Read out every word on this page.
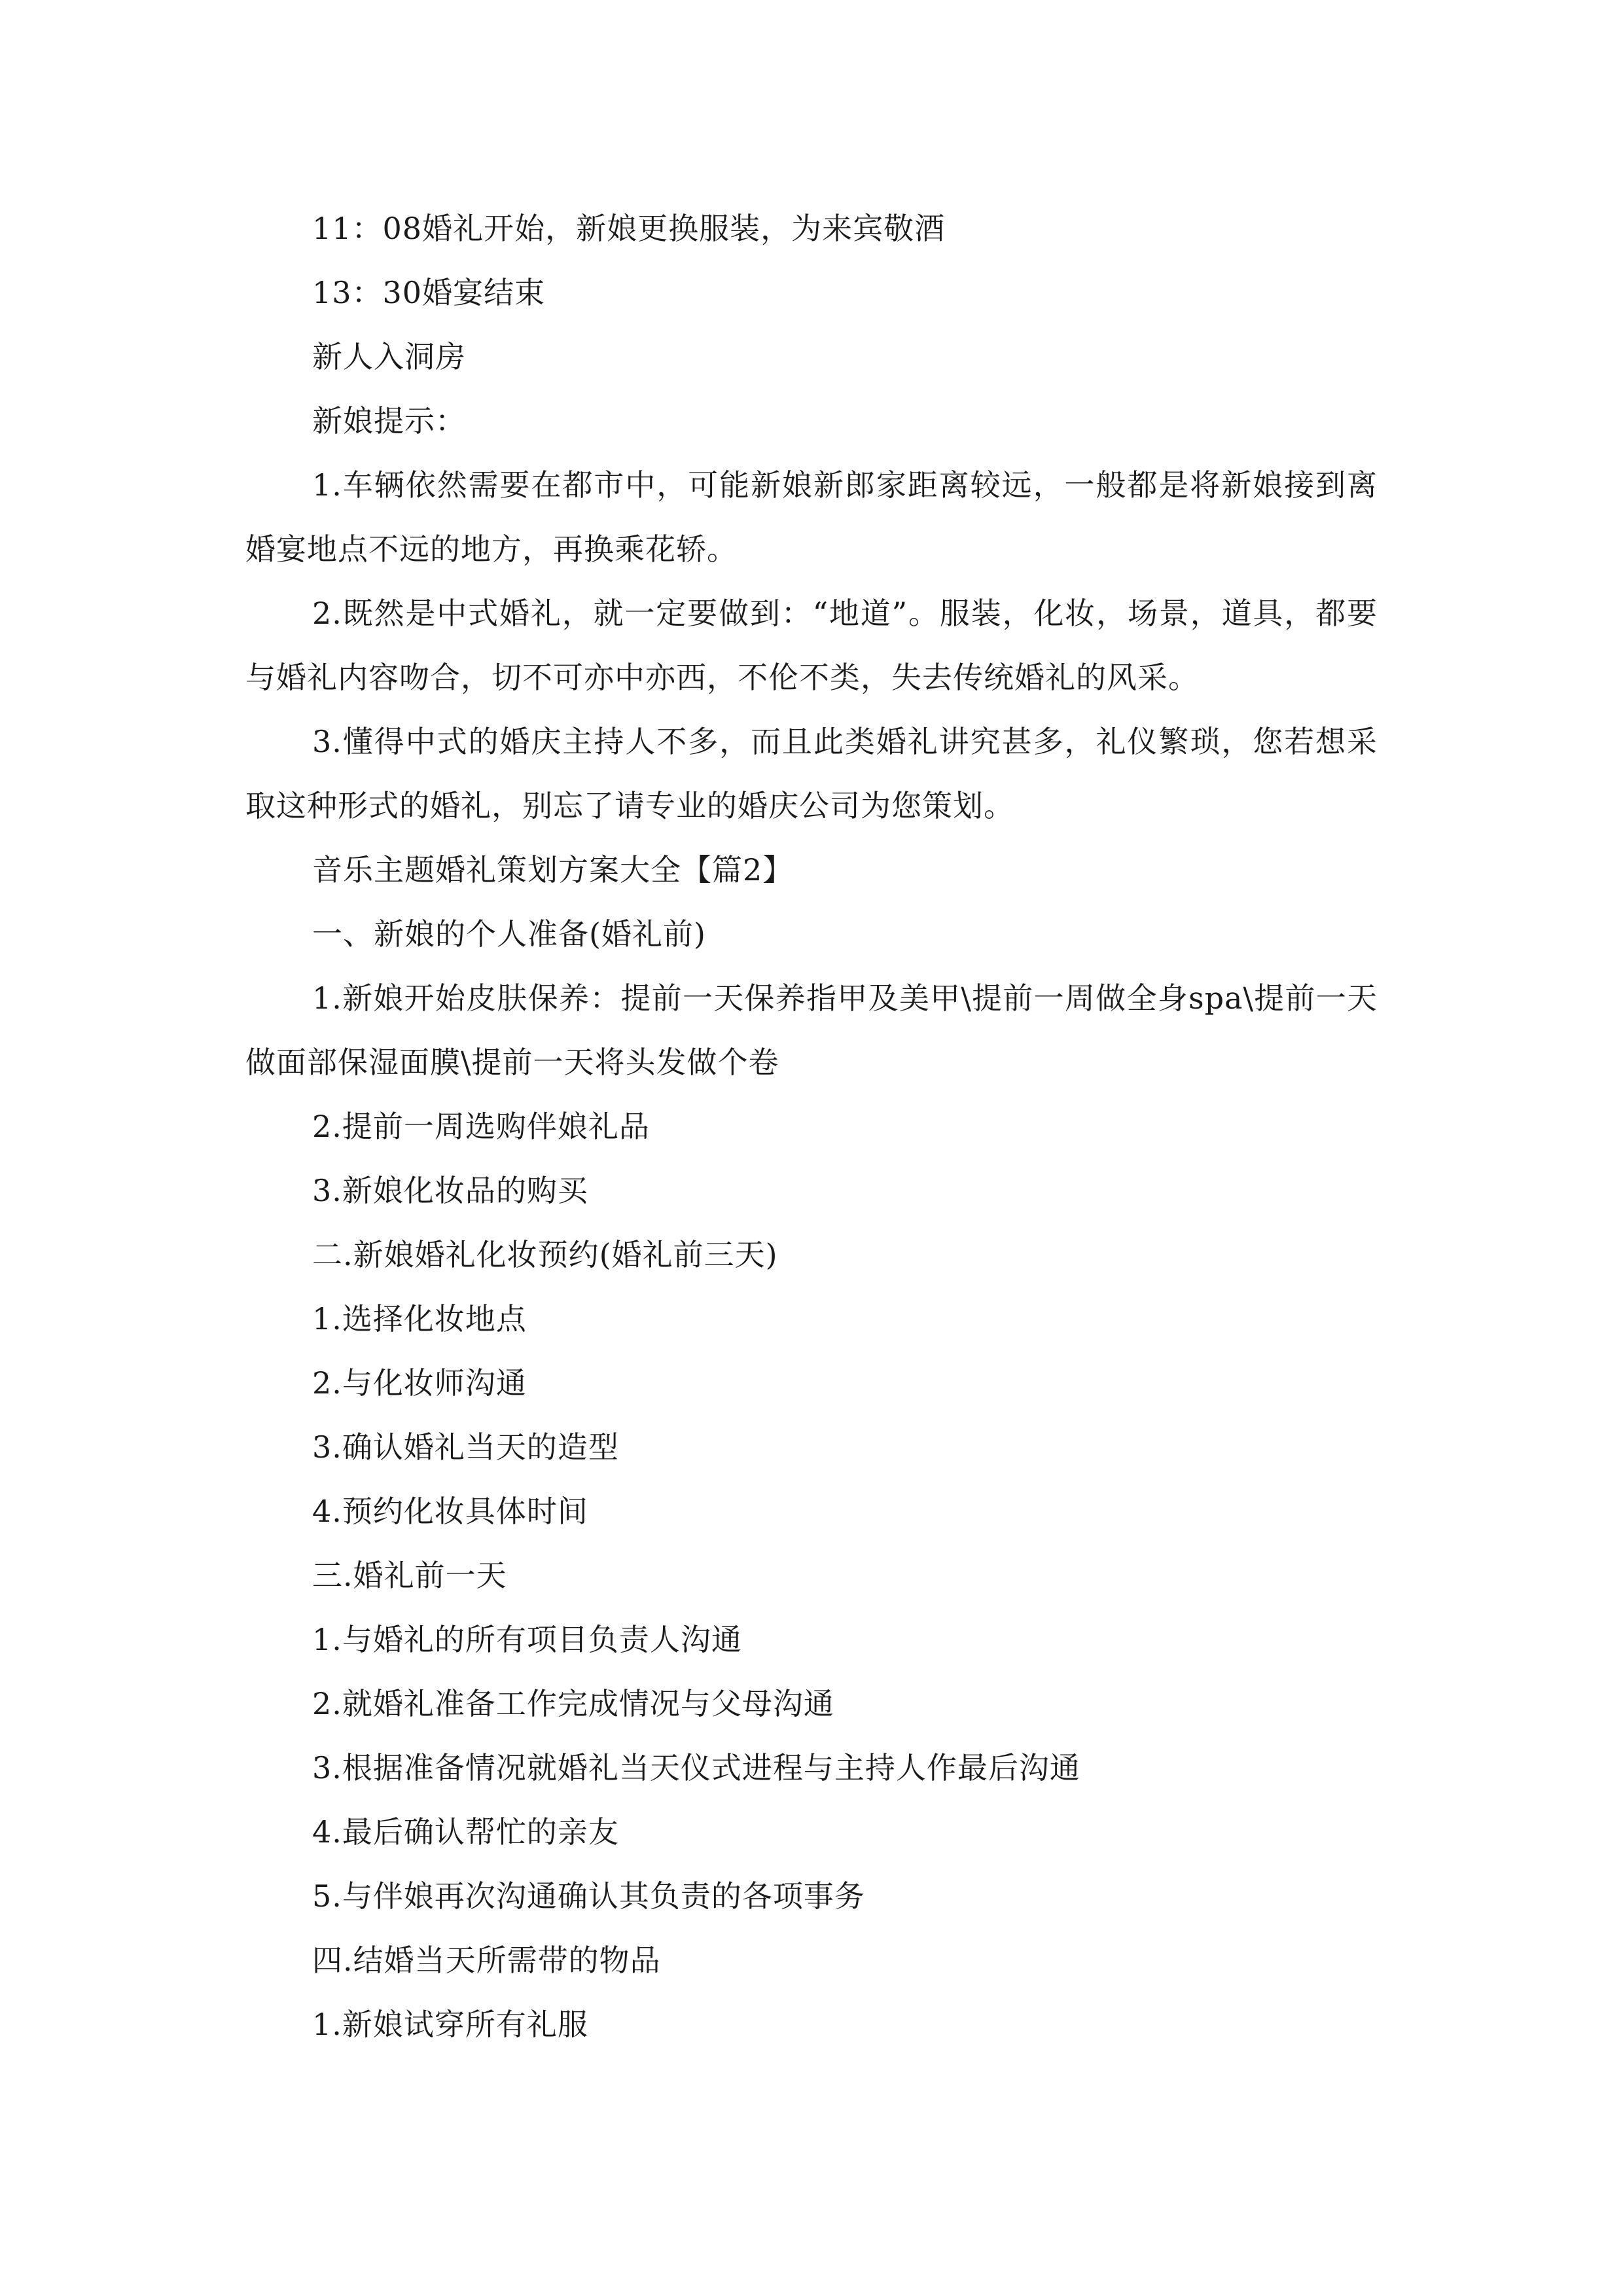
11：08婚礼开始，新娘更换服装，为来宾敬酒

13：30婚宴结束

新人入洞房

新娘提示：

1.车辆依然需要在都市中，可能新娘新郎家距离较远，一般都是将新娘接到离婚宴地点不远的地方，再换乘花轿。

2.既然是中式婚礼，就一定要做到：“地道”。服装，化妆，场景，道具，都要与婚礼内容吻合，切不可亦中亦西，不伦不类，失去传统婚礼的风采。

3.懂得中式的婚庆主持人不多，而且此类婚礼讲究甚多，礼仪繁琐，您若想采取这种形式的婚礼，别忘了请专业的婚庆公司为您策划。

音乐主题婚礼策划方案大全【篇2】

一、新娘的个人准备(婚礼前)

1.新娘开始皮肤保养：提前一天保养指甲及美甲\提前一周做全身spa\提前一天做面部保湿面膜\提前一天将头发做个卷

2.提前一周选购伴娘礼品

3.新娘化妆品的购买

二.新娘婚礼化妆预约(婚礼前三天)

1.选择化妆地点

2.与化妆师沟通

3.确认婚礼当天的造型

4.预约化妆具体时间

三.婚礼前一天

1.与婚礼的所有项目负责人沟通

2.就婚礼准备工作完成情况与父母沟通

3.根据准备情况就婚礼当天仪式进程与主持人作最后沟通

4.最后确认帮忙的亲友

5.与伴娘再次沟通确认其负责的各项事务

四.结婚当天所需带的物品

1.新娘试穿所有礼服
